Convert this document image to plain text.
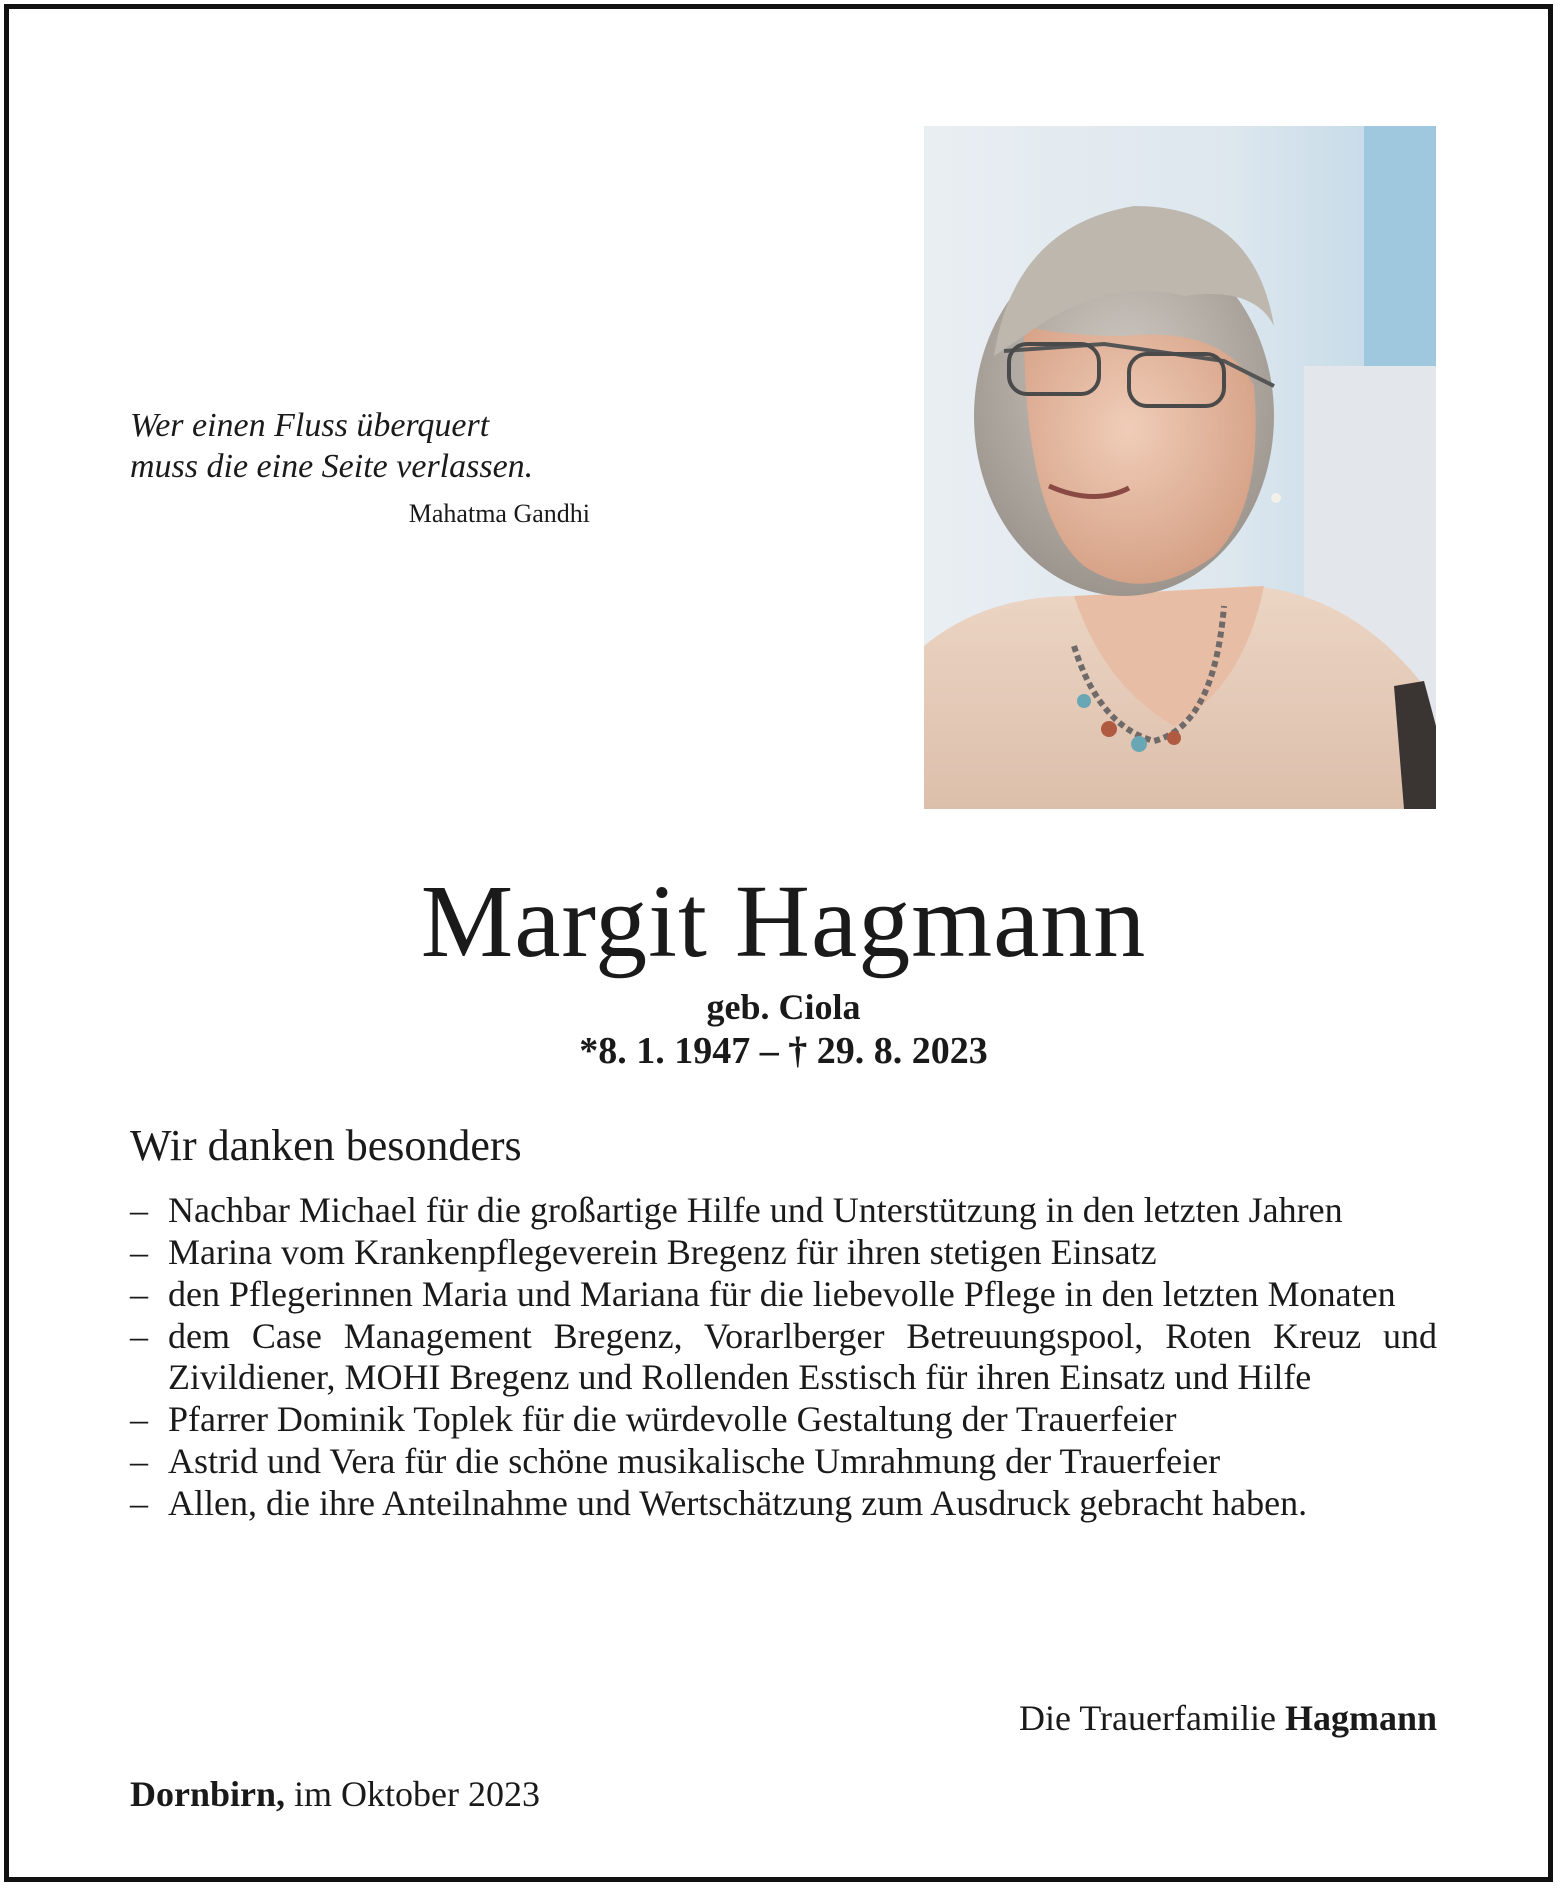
Wer einen Fluss überquert
muss die eine Seite verlassen.
Mahatma Gandhi
Margit Hagmann
geb. Ciola
*8. 1. 1947 – † 29. 8. 2023
Wir danken besonders
– Nachbar Michael für die großartige Hilfe und Unterstützung in den letzten Jahren
– Marina vom Krankenpflegeverein Bregenz für ihren stetigen Einsatz
– den Pflegerinnen Maria und Mariana für die liebevolle Pflege in den letzten Monaten
– dem Case Management Bregenz, Vorarlberger Betreuungspool, Roten Kreuz und Zivildiener, MOHI Bregenz und Rollenden Esstisch für ihren Einsatz und Hilfe
– Pfarrer Dominik Toplek für die würdevolle Gestaltung der Trauerfeier
– Astrid und Vera für die schöne musikalische Umrahmung der Trauerfeier
– Allen, die ihre Anteilnahme und Wertschätzung zum Ausdruck gebracht haben.
Die Trauerfamilie Hagmann
Dornbirn, im Oktober 2023
